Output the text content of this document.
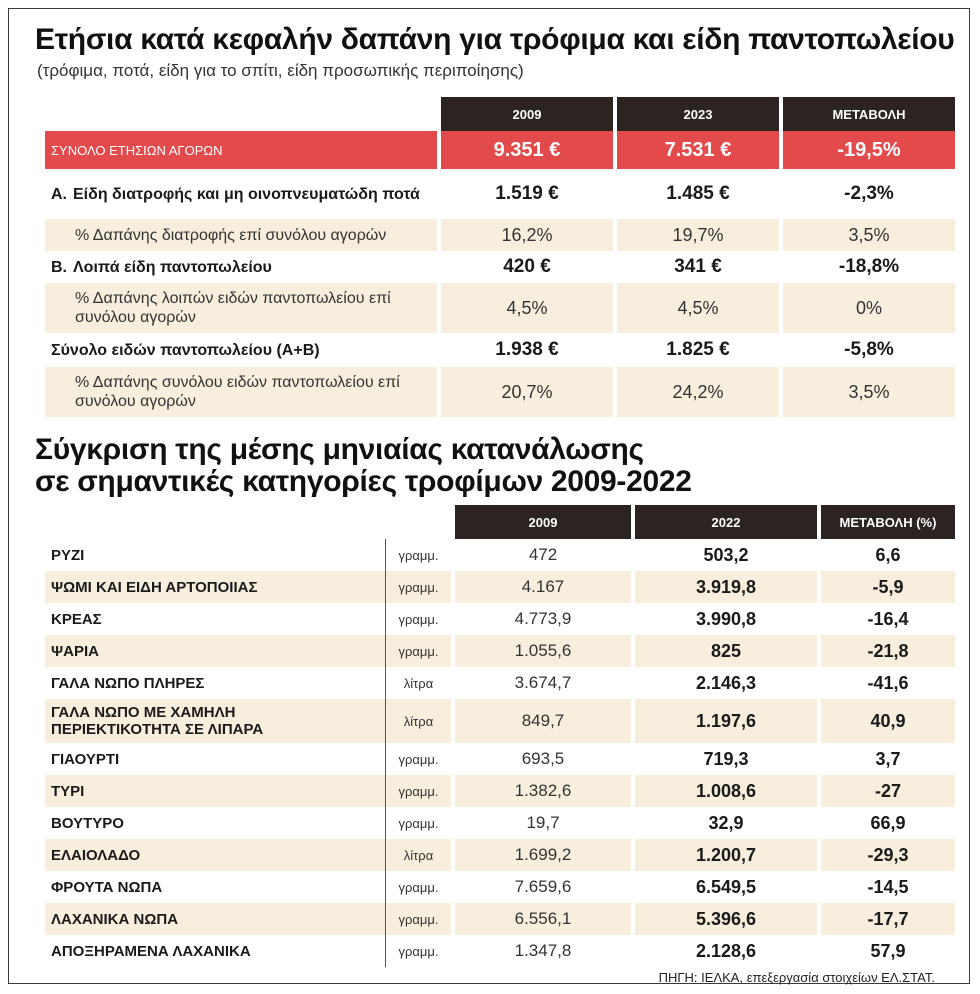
Ετήσια κατά κεφαλήν δαπάνη για τρόφιμα και είδη παντοπωλείου
(τρόφιμα, ποτά, είδη για το σπίτι, είδη προσωπικής περιποίησης)
	2009	2023	ΜΕΤΑΒΟΛΗ
ΣΥΝΟΛΟ ΕΤΗΣΙΩΝ ΑΓΟΡΩΝ	9.351 €	7.531 €	-19,5%
Α. Είδη διατροφής και μη οινοπνευματώδη ποτά	1.519 €	1.485 €	-2,3%
% Δαπάνης διατροφής επί συνόλου αγορών	16,2%	19,7%	3,5%
Β. Λοιπά είδη παντοπωλείου	420 €	341 €	-18,8%
% Δαπάνης λοιπών ειδών παντοπωλείου επί συνόλου αγορών	4,5%	4,5%	0%
Σύνολο ειδών παντοπωλείου (Α+Β)	1.938 €	1.825 €	-5,8%
% Δαπάνης συνόλου ειδών παντοπωλείου επί συνόλου αγορών	20,7%	24,2%	3,5%
Σύγκριση της μέσης μηνιαίας κατανάλωσης
σε σημαντικές κατηγορίες τροφίμων 2009-2022
		2009	2022	ΜΕΤΑΒΟΛΗ (%)
ΡΥΖΙ	γραμμ.	472	503,2	6,6
ΨΩΜΙ ΚΑΙ ΕΙΔΗ ΑΡΤΟΠΟΙΙΑΣ	γραμμ.	4.167	3.919,8	-5,9
ΚΡΕΑΣ	γραμμ.	4.773,9	3.990,8	-16,4
ΨΑΡΙΑ	γραμμ.	1.055,6	825	-21,8
ΓΑΛΑ ΝΩΠΟ ΠΛΗΡΕΣ	λίτρα	3.674,7	2.146,3	-41,6
ΓΑΛΑ ΝΩΠΟ ΜΕ ΧΑΜΗΛΗ ΠΕΡΙΕΚΤΙΚΟΤΗΤΑ ΣΕ ΛΙΠΑΡΑ	λίτρα	849,7	1.197,6	40,9
ΓΙΑΟΥΡΤΙ	γραμμ.	693,5	719,3	3,7
ΤΥΡΙ	γραμμ.	1.382,6	1.008,6	-27
ΒΟΥΤΥΡΟ	γραμμ.	19,7	32,9	66,9
ΕΛΑΙΟΛΑΔΟ	λίτρα	1.699,2	1.200,7	-29,3
ΦΡΟΥΤΑ ΝΩΠΑ	γραμμ.	7.659,6	6.549,5	-14,5
ΛΑΧΑΝΙΚΑ ΝΩΠΑ	γραμμ.	6.556,1	5.396,6	-17,7
ΑΠΟΞΗΡΑΜΕΝΑ ΛΑΧΑΝΙΚΑ	γραμμ.	1.347,8	2.128,6	57,9
ΠΗΓΗ: ΙΕΛΚΑ, επεξεργασία στοιχείων ΕΛ.ΣΤΑΤ.
